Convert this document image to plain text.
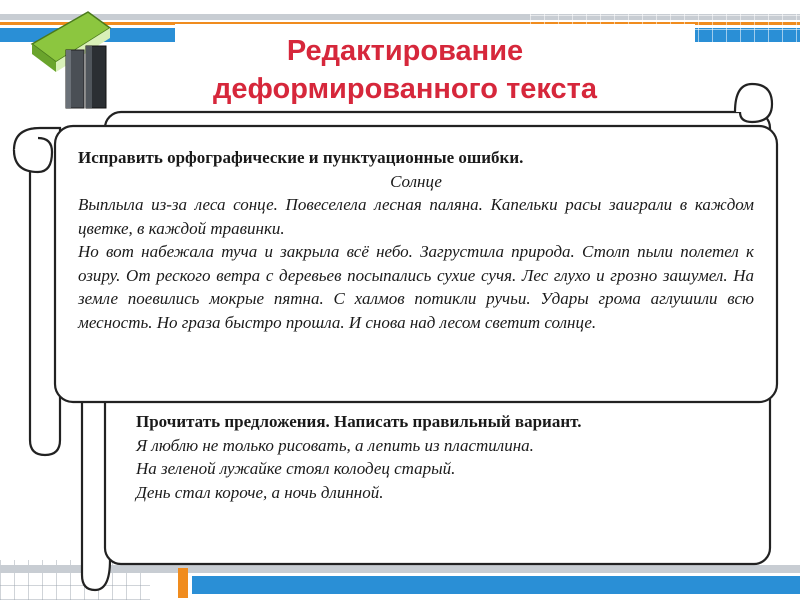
Редактирование
деформированного текста
Исправить орфографические и пунктуационные ошибки.
Солнце
Выплыла из-за леса сонце. Повеселела лесная паляна. Капельки расы заиграли в каждом цветке, в каждой травинки.
Но вот набежала туча и закрыла всё небо. Загрустила природа. Столп пыли полетел к озиру. От реского ветра с деревьев посыпались сухие сучя. Лес глухо и грозно зашумел. На земле поевились мокрые пятна. С халмов потикли ручьи. Удары грома аглушили всю месность. Но граза быстро прошла. И снова над лесом светит солнце.
Прочитать предложения. Написать правильный вариант.
Я люблю не только рисовать, а лепить из пластилина.
На зеленой лужайке стоял колодец старый.
День стал короче, а ночь длинной.
